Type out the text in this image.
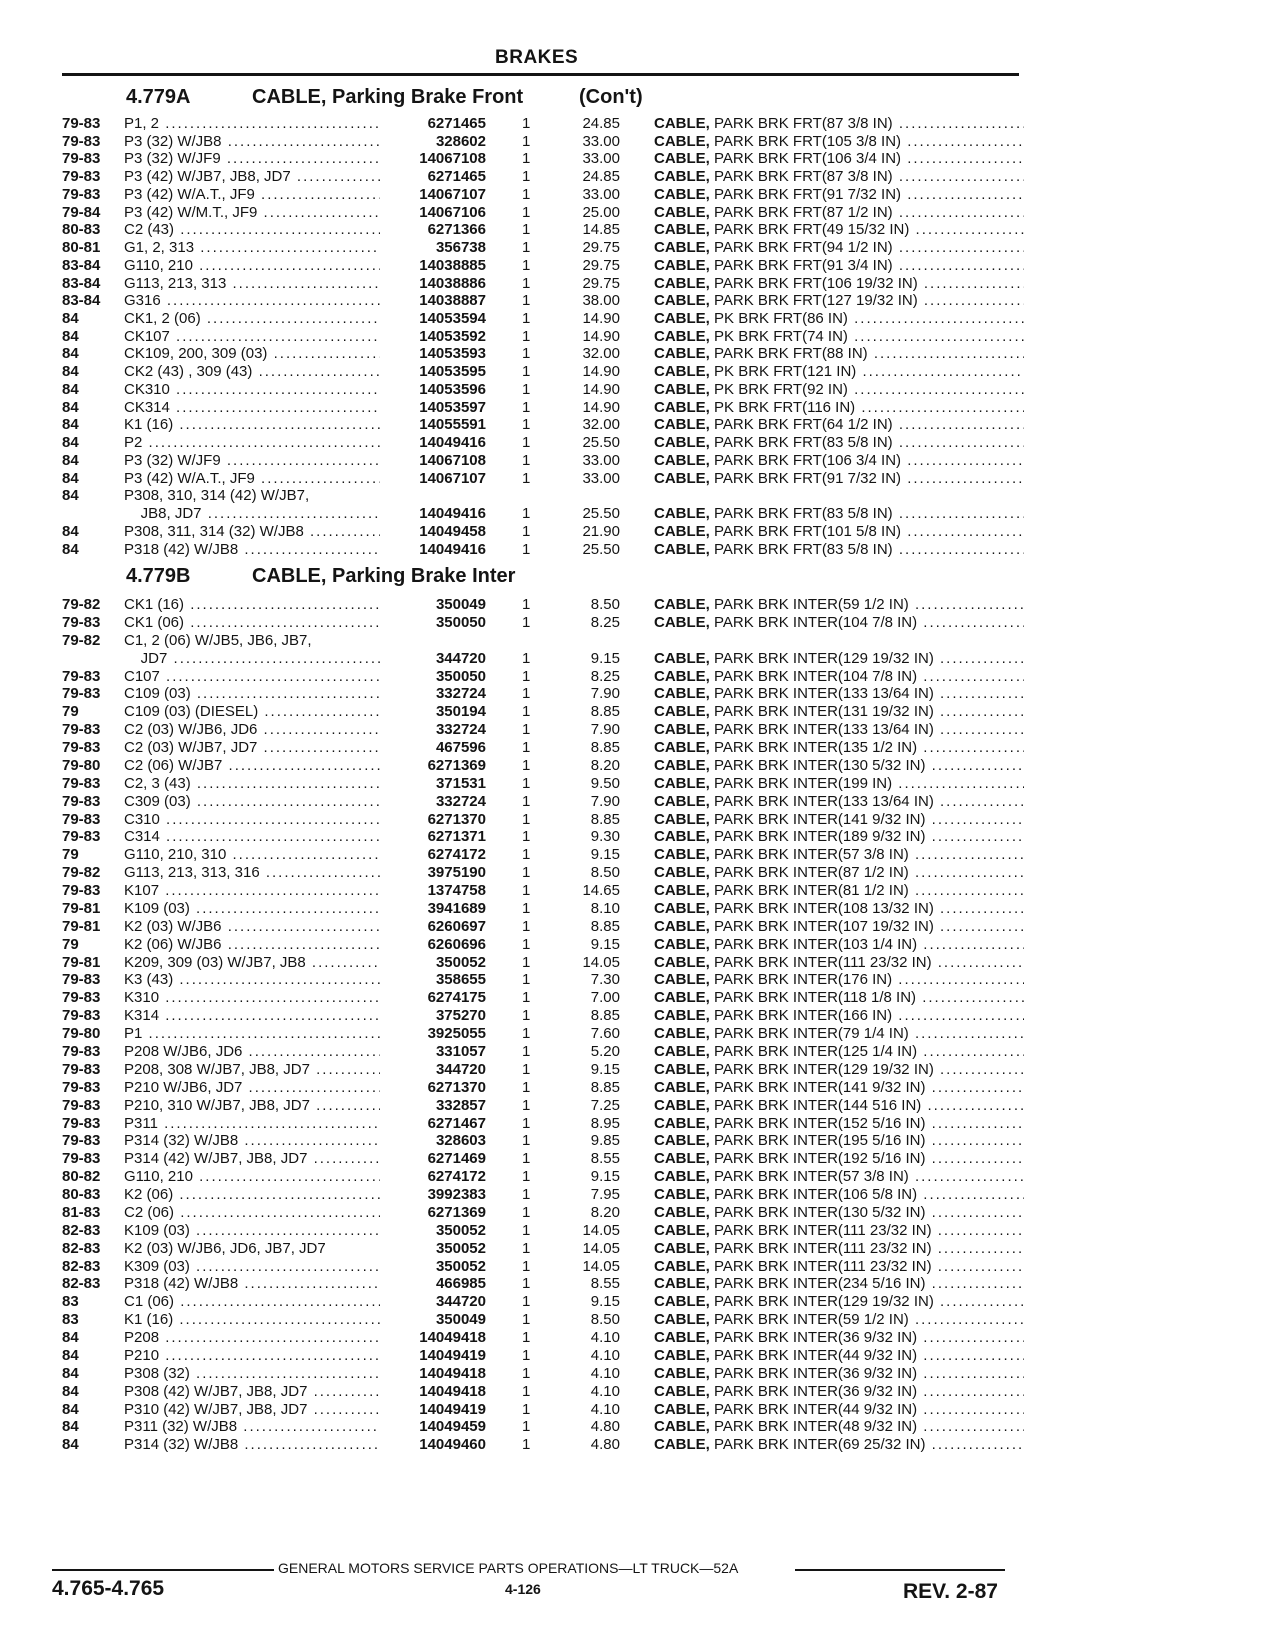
BRAKES
4.779A	CABLE, Parking Brake Front	(Con't)
79-83	P1, 2 .....	6271465 1	24.85 CABLE, PARK BRK FRT(87 3/8 IN) .....
79-83	P3 (32) W/JB8 .....	328602 1	33.00 CABLE, PARK BRK FRT(105 3/8 IN) .....
79-83	P3 (32) W/JF9 .....	14067108 1	33.00 CABLE, PARK BRK FRT(106 3/4 IN) .....
79-83	P3 (42) W/JB7, JB8, JD7 .....	6271465 1	24.85 CABLE, PARK BRK FRT(87 3/8 IN) .....
79-83	P3 (42) W/A.T., JF9 .....	14067107 1	33.00 CABLE, PARK BRK FRT(91 7/32 IN) .....
79-84	P3 (42) W/M.T., JF9 .....	14067106 1	25.00 CABLE, PARK BRK FRT(87 1/2 IN) .....
80-83	C2 (43) .....	6271366 1	14.85 CABLE, PARK BRK FRT(49 15/32 IN) .....
80-81	G1, 2, 313 .....	356738 1	29.75 CABLE, PARK BRK FRT(94 1/2 IN) .....
83-84	G110, 210 .....	14038885 1	29.75 CABLE, PARK BRK FRT(91 3/4 IN) .....
83-84	G113, 213, 313 .....	14038886 1	29.75 CABLE, PARK BRK FRT(106 19/32 IN) .....
83-84	G316 .....	14038887 1	38.00 CABLE, PARK BRK FRT(127 19/32 IN) .....
84	CK1, 2 (06) .....	14053594 1	14.90 CABLE, PK BRK FRT(86 IN) .....
84	CK107 .....	14053592 1	14.90 CABLE, PK BRK FRT(74 IN) .....
84	CK109, 200, 309 (03) .....	14053593 1	32.00 CABLE, PARK BRK FRT(88 IN) .....
84	CK2 (43) , 309 (43) .....	14053595 1	14.90 CABLE, PK BRK FRT(121 IN) .....
84	CK310 .....	14053596 1	14.90 CABLE, PK BRK FRT(92 IN) .....
84	CK314 .....	14053597 1	14.90 CABLE, PK BRK FRT(116 IN) .....
84	K1 (16) .....	14055591 1	32.00 CABLE, PARK BRK FRT(64 1/2 IN) .....
84	P2 .....	14049416 1	25.50 CABLE, PARK BRK FRT(83 5/8 IN) .....
84	P3 (32) W/JF9 .....	14067108 1	33.00 CABLE, PARK BRK FRT(106 3/4 IN) .....
84	P3 (42) W/A.T., JF9 .....	14067107 1	33.00 CABLE, PARK BRK FRT(91 7/32 IN) .....
84	P308, 310, 314 (42) W/JB7,
JB8, JD7 .....	14049416 1	25.50 CABLE, PARK BRK FRT(83 5/8 IN) .....
84	P308, 311, 314 (32) W/JB8 .....	14049458 1	21.90 CABLE, PARK BRK FRT(101 5/8 IN) .....
84	P318 (42) W/JB8 .....	14049416 1	25.50 CABLE, PARK BRK FRT(83 5/8 IN) .....
4.779B	CABLE, Parking Brake Inter
79-82	CK1 (16) .....	350049 1	8.50 CABLE, PARK BRK INTER(59 1/2 IN) .....
79-83	CK1 (06) .....	350050 1	8.25 CABLE, PARK BRK INTER(104 7/8 IN) .....
79-82	C1, 2 (06) W/JB5, JB6, JB7,
JD7 .....	344720 1	9.15 CABLE, PARK BRK INTER(129 19/32 IN) .....
79-83	C107 .....	350050 1	8.25 CABLE, PARK BRK INTER(104 7/8 IN) .....
79-83	C109 (03) .....	332724 1	7.90 CABLE, PARK BRK INTER(133 13/64 IN) .....
79	C109 (03) (DIESEL) .....	350194 1	8.85 CABLE, PARK BRK INTER(131 19/32 IN) .....
79-83	C2 (03) W/JB6, JD6 .....	332724 1	7.90 CABLE, PARK BRK INTER(133 13/64 IN) .....
79-83	C2 (03) W/JB7, JD7 .....	467596 1	8.85 CABLE, PARK BRK INTER(135 1/2 IN) .....
79-80	C2 (06) W/JB7 .....	6271369 1	8.20 CABLE, PARK BRK INTER(130 5/32 IN) .....
79-83	C2, 3 (43) .....	371531 1	9.50 CABLE, PARK BRK INTER(199 IN) .....
79-83	C309 (03) .....	332724 1	7.90 CABLE, PARK BRK INTER(133 13/64 IN) .....
79-83	C310 .....	6271370 1	8.85 CABLE, PARK BRK INTER(141 9/32 IN) .....
79-83	C314 .....	6271371 1	9.30 CABLE, PARK BRK INTER(189 9/32 IN) .....
79	G110, 210, 310 .....	6274172 1	9.15 CABLE, PARK BRK INTER(57 3/8 IN) .....
79-82	G113, 213, 313, 316 .....	3975190 1	8.50 CABLE, PARK BRK INTER(87 1/2 IN) .....
79-83	K107 .....	1374758 1	14.65 CABLE, PARK BRK INTER(81 1/2 IN) .....
79-81	K109 (03) .....	3941689 1	8.10 CABLE, PARK BRK INTER(108 13/32 IN) .....
79-81	K2 (03) W/JB6 .....	6260697 1	8.85 CABLE, PARK BRK INTER(107 19/32 IN) .....
79	K2 (06) W/JB6 .....	6260696 1	9.15 CABLE, PARK BRK INTER(103 1/4 IN) .....
79-81	K209, 309 (03) W/JB7, JB8 .....	350052 1	14.05 CABLE, PARK BRK INTER(111 23/32 IN) .....
79-83	K3 (43) .....	358655 1	7.30 CABLE, PARK BRK INTER(176 IN) .....
79-83	K310 .....	6274175 1	7.00 CABLE, PARK BRK INTER(118 1/8 IN) .....
79-83	K314 .....	375270 1	8.85 CABLE, PARK BRK INTER(166 IN) .....
79-80	P1 .....	3925055 1	7.60 CABLE, PARK BRK INTER(79 1/4 IN) .....
79-83	P208 W/JB6, JD6 .....	331057 1	5.20 CABLE, PARK BRK INTER(125 1/4 IN) .....
79-83	P208, 308 W/JB7, JB8, JD7 .....	344720 1	9.15 CABLE, PARK BRK INTER(129 19/32 IN) .....
79-83	P210 W/JB6, JD7 .....	6271370 1	8.85 CABLE, PARK BRK INTER(141 9/32 IN) .....
79-83	P210, 310 W/JB7, JB8, JD7 .....	332857 1	7.25 CABLE, PARK BRK INTER(144 516 IN) .....
79-83	P311 .....	6271467 1	8.95 CABLE, PARK BRK INTER(152 5/16 IN) .....
79-83	P314 (32) W/JB8 .....	328603 1	9.85 CABLE, PARK BRK INTER(195 5/16 IN) .....
79-83	P314 (42) W/JB7, JB8, JD7 .....	6271469 1	8.55 CABLE, PARK BRK INTER(192 5/16 IN) .....
80-82	G110, 210 .....	6274172 1	9.15 CABLE, PARK BRK INTER(57 3/8 IN) .....
80-83	K2 (06) .....	3992383 1	7.95 CABLE, PARK BRK INTER(106 5/8 IN) .....
81-83	C2 (06) .....	6271369 1	8.20 CABLE, PARK BRK INTER(130 5/32 IN) .....
82-83	K109 (03) .....	350052 1	14.05 CABLE, PARK BRK INTER(111 23/32 IN) .....
82-83	K2 (03) W/JB6, JD6, JB7, JD7	350052 1	14.05 CABLE, PARK BRK INTER(111 23/32 IN) .....
82-83	K309 (03) .....	350052 1	14.05 CABLE, PARK BRK INTER(111 23/32 IN) .....
82-83	P318 (42) W/JB8 .....	466985 1	8.55 CABLE, PARK BRK INTER(234 5/16 IN) .....
83	C1 (06) .....	344720 1	9.15 CABLE, PARK BRK INTER(129 19/32 IN) .....
83	K1 (16) .....	350049 1	8.50 CABLE, PARK BRK INTER(59 1/2 IN) .....
84	P208 .....	14049418 1	4.10 CABLE, PARK BRK INTER(36 9/32 IN) .....
84	P210 .....	14049419 1	4.10 CABLE, PARK BRK INTER(44 9/32 IN) .....
84	P308 (32) .....	14049418 1	4.10 CABLE, PARK BRK INTER(36 9/32 IN) .....
84	P308 (42) W/JB7, JB8, JD7 .....	14049418 1	4.10 CABLE, PARK BRK INTER(36 9/32 IN) .....
84	P310 (42) W/JB7, JB8, JD7 .....	14049419 1	4.10 CABLE, PARK BRK INTER(44 9/32 IN) .....
84	P311 (32) W/JB8 .....	14049459 1	4.80 CABLE, PARK BRK INTER(48 9/32 IN) .....
84	P314 (32) W/JB8 .....	14049460 1	4.80 CABLE, PARK BRK INTER(69 25/32 IN) .....
GENERAL MOTORS SERVICE PARTS OPERATIONS—LT TRUCK—52A
4.765-4.765	4-126	REV. 2-87
